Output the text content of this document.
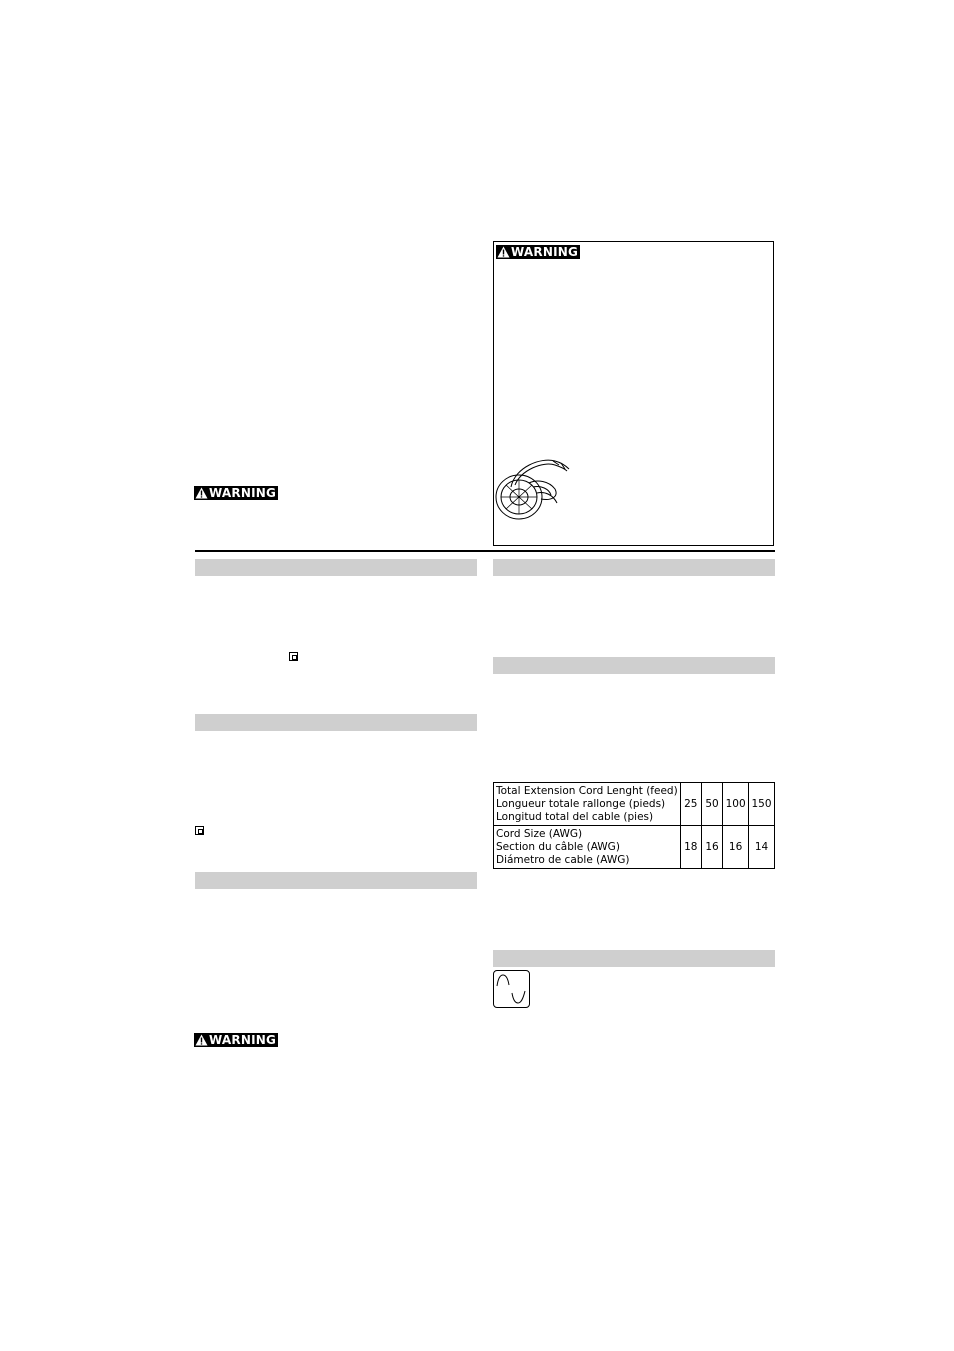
WARNING
WARNING
WARNING
Total Extension Cord Lenght (feed)
Longueur totale rallonge (pieds)
Longitud total del cable (pies)	25	50	100	150

Cord Size (AWG)
Section du câble (AWG)
Diámetro de cable (AWG)	18	16	16	14
